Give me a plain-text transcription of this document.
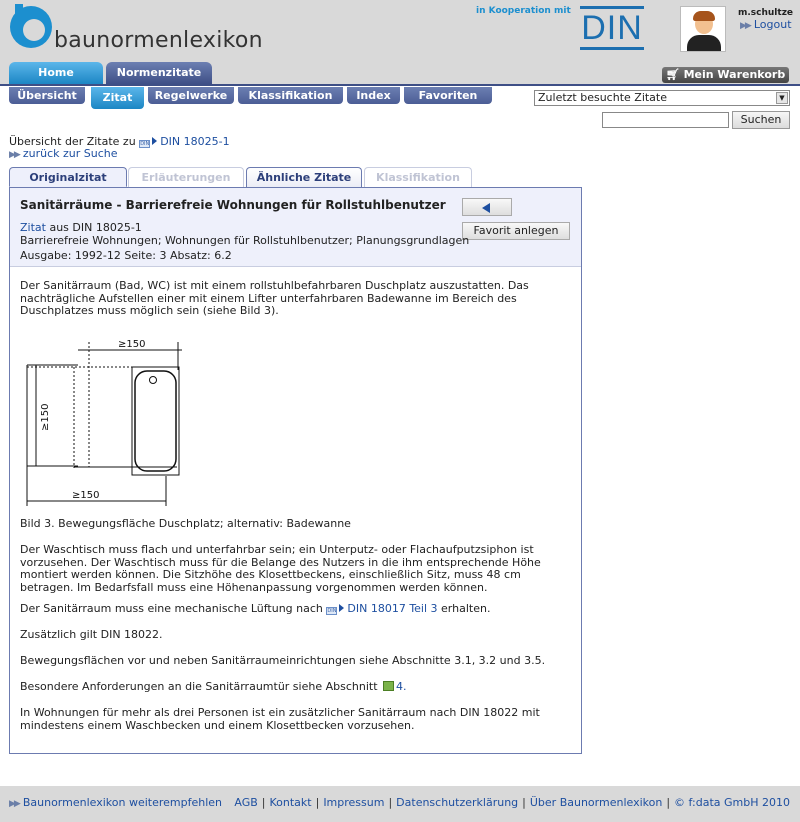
baunormenlexikon
in Kooperation mit DIN	m.schultze
▶▶ Logout
Home	Normenzitate	🛒︎ Mein Warenkorb
Übersicht	Zitat	Regelwerke	Klassifikation	Index	Favoriten	Zuletzt besuchte Zitate	▼
Suchen
Übersicht der Zitate zu DIN DIN 18025-1
▶▶ zurück zur Suche
Originalzitat	Erläuterungen	Ähnliche Zitate	Klassifikation
Sanitärräume - Barrierefreie Wohnungen für Rollstuhlbenutzer
Favorit anlegen
Zitat aus DIN 18025-1
Barrierefreie Wohnungen; Wohnungen für Rollstuhlbenutzer; Planungsgrundlagen
Ausgabe: 1992-12 Seite: 3 Absatz: 6.2
Der Sanitärraum (Bad, WC) ist mit einem rollstuhlbefahrbaren Duschplatz auszustatten. Das nachträgliche Aufstellen einer mit einem Lifter unterfahrbaren Badewanne im Bereich des Duschplatzes muss möglich sein (siehe Bild 3).
≥150
≥150
≥150
Bild 3. Bewegungsfläche Duschplatz; alternativ: Badewanne
Der Waschtisch muss flach und unterfahrbar sein; ein Unterputz- oder Flachaufputzsiphon ist vorzusehen. Der Waschtisch muss für die Belange des Nutzers in die ihm entsprechende Höhe montiert werden können. Die Sitzhöhe des Klosettbeckens, einschließlich Sitz, muss 48 cm betragen. Im Bedarfsfall muss eine Höhenanpassung vorgenommen werden können.
Der Sanitärraum muss eine mechanische Lüftung nach DIN DIN 18017 Teil 3 erhalten.
Zusätzlich gilt DIN 18022.
Bewegungsflächen vor und neben Sanitärraumeinrichtungen siehe Abschnitte 3.1, 3.2 und 3.5.
Besondere Anforderungen an die Sanitärraumtür siehe Abschnitt 4.
In Wohnungen für mehr als drei Personen ist ein zusätzlicher Sanitärraum nach DIN 18022 mit mindestens einem Waschbecken und einem Klosettbecken vorzusehen.
▶▶ Baunormenlexikon weiterempfehlen AGB | Kontakt | Impressum | Datenschutzerklärung | Über Baunormenlexikon | © f:data GmbH 2010
